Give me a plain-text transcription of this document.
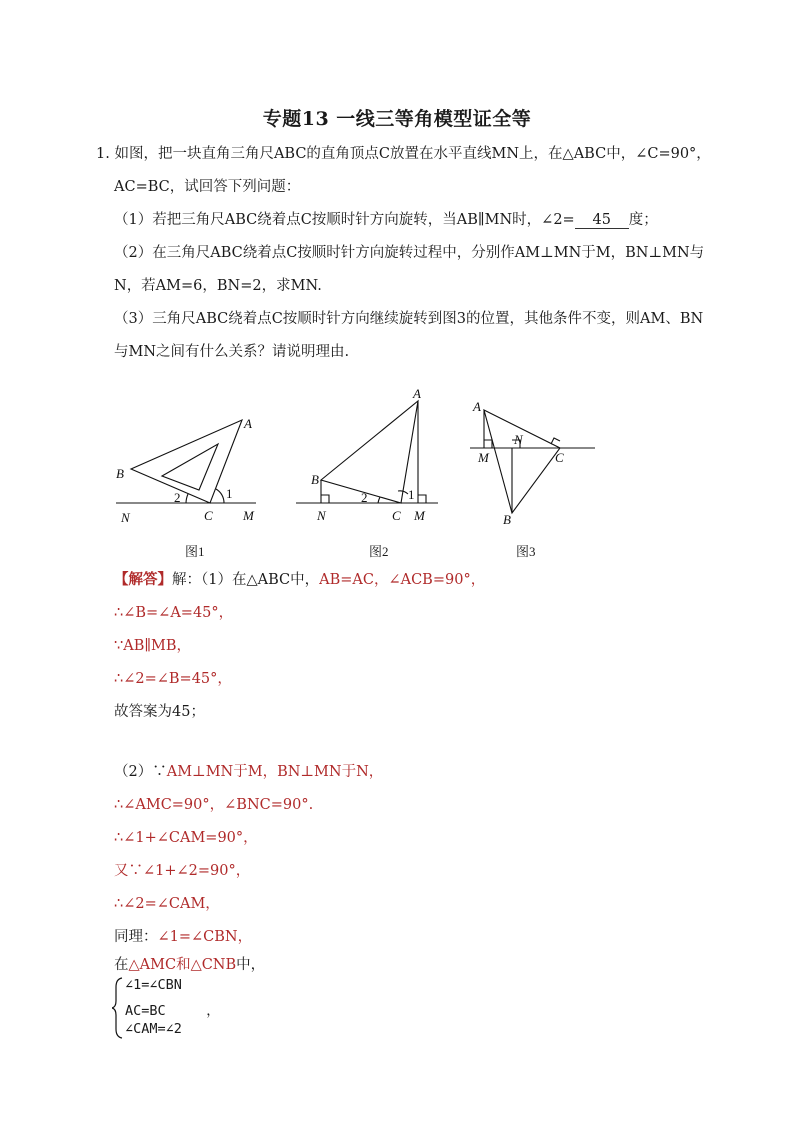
专题13 一线三等角模型证全等
1. 如图，把一块直角三角尺ABC的直角顶点C放置在水平直线MN上，在△ABC中，∠C=90°，
AC=BC，试回答下列问题：
（1）若把三角尺ABC绕着点C按顺时针方向旋转，当AB∥MN时，∠2= 45 度；
（2）在三角尺ABC绕着点C按顺时针方向旋转过程中，分别作AM⊥MN于M，BN⊥MN与
N，若AM=6，BN=2，求MN.
（3）三角尺ABC绕着点C按顺时针方向继续旋转到图3的位置，其他条件不变，则AM、BN
与MN之间有什么关系？请说明理由.
A
B
C M
N
1
2
A
B
C M
N
1
2
A
B
C
M
N
图1	图2	图3
【解答】解：（1）在△ABC中，AB=AC，∠ACB=90°，
∴∠B=∠A=45°，
∵AB∥MB，
∴∠2=∠B=45°，
故答案为45；
（2）∵AM⊥MN于M，BN⊥MN于N，
∴∠AMC=90°，∠BNC=90°.
∴∠1+∠CAM=90°，
又∵∠1+∠2=90°，
∴∠2=∠CAM，
同理：∠1=∠CBN，
在△AMC和△CNB中，
∠1=∠CBN
AC=BC     ，
∠CAM=∠2
